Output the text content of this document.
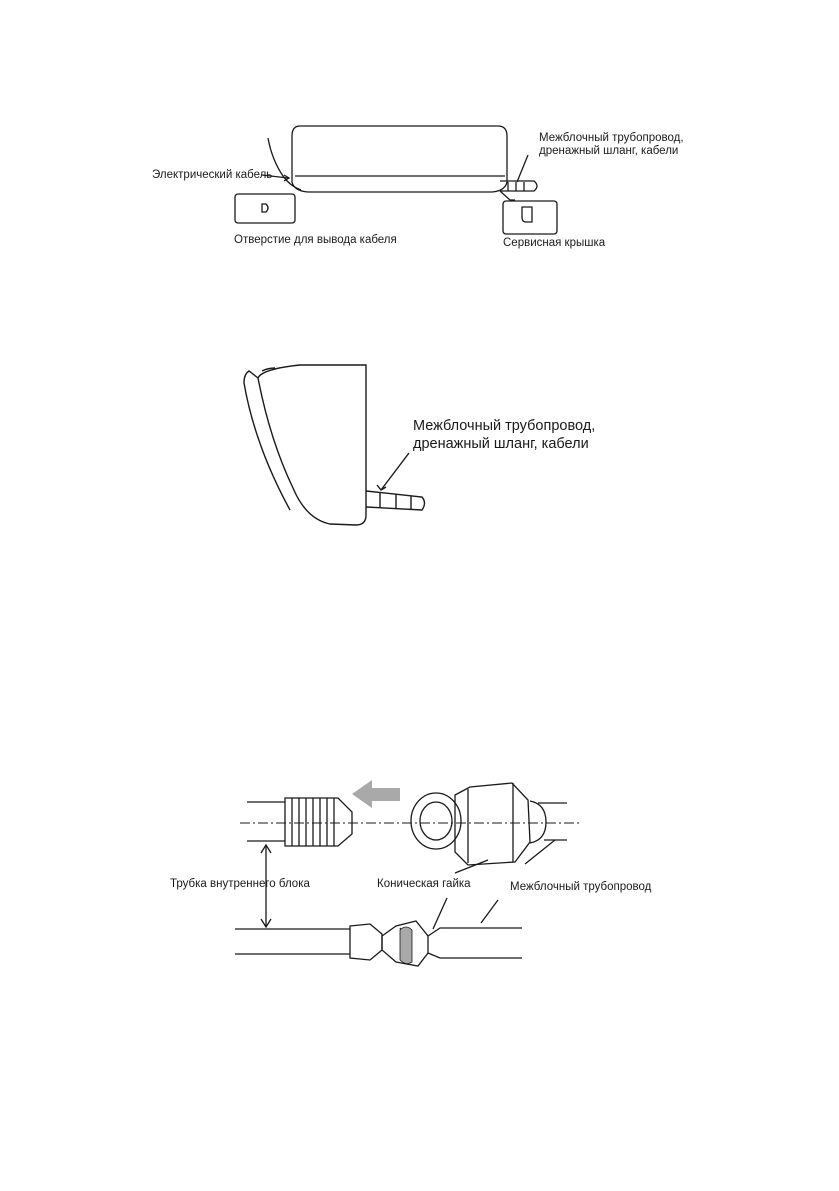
Электрический кабель
Межблочный трубопровод,
дренажный шланг, кабели
Отверстие для вывода кабеля	Сервисная крышка
Межблочный трубопровод,
дренажный шланг, кабели
Трубка внутреннего блока	Коническая гайка	Межблочный трубопровод
